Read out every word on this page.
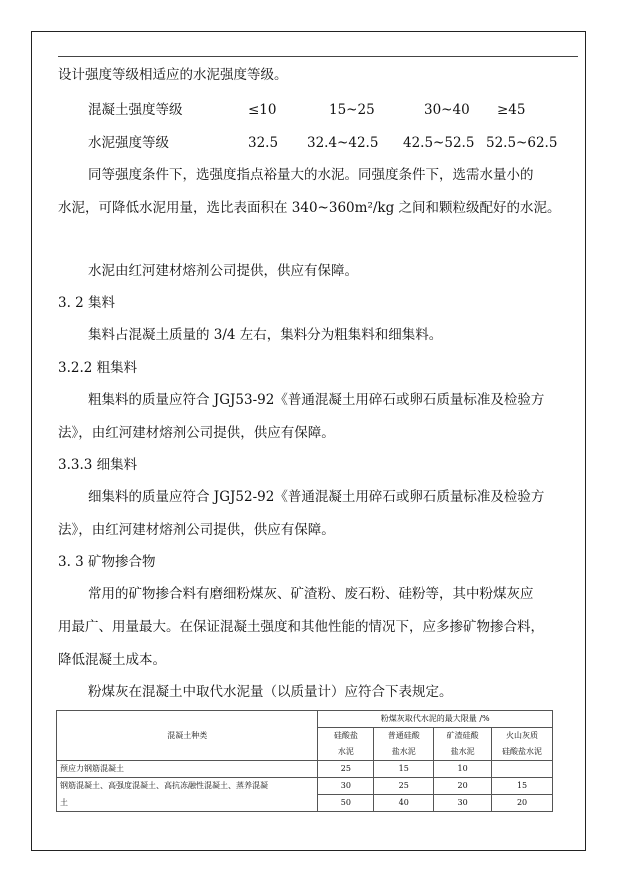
设计强度等级相适应的水泥强度等级。
混凝土强度等级	≤10	15~25	30~40 ≥45
水泥强度等级	32.5 32.4~42.5 42.5~52.5 52.5~62.5
同等强度条件下，选强度指点裕量大的水泥。同强度条件下，选需水量小的
水泥，可降低水泥用量，选比表面积在 340~360m²/kg 之间和颗粒级配好的水泥。
水泥由红河建材熔剂公司提供，供应有保障。
3. 2 集料
集料占混凝土质量的 3/4 左右，集料分为粗集料和细集料。
3.2.2 粗集料
粗集料的质量应符合 JGJ53-92《普通混凝土用碎石或卵石质量标准及检验方
法》，由红河建材熔剂公司提供，供应有保障。
3.3.3 细集料
细集料的质量应符合 JGJ52-92《普通混凝土用碎石或卵石质量标准及检验方
法》，由红河建材熔剂公司提供，供应有保障。
3. 3 矿物掺合物
常用的矿物掺合料有磨细粉煤灰、矿渣粉、废石粉、硅粉等，其中粉煤灰应
用最广、用量最大。在保证混凝土强度和其他性能的情况下，应多掺矿物掺合料，
降低混凝土成本。
粉煤灰在混凝土中取代水泥量（以质量计）应符合下表规定。
混凝土种类	粉煤灰取代水泥的最大限量 /%			
	硅酸盐	普通硅酸	矿渣硅酸	火山灰质
	水泥	盐水泥	盐水泥	硅酸盐水泥
预应力钢筋混凝土	25	15	10	
钢筋混凝土、高强度混凝土、高抗冻融性混凝土、蒸养混凝	30	25	20	15
土	50	40	30	20
